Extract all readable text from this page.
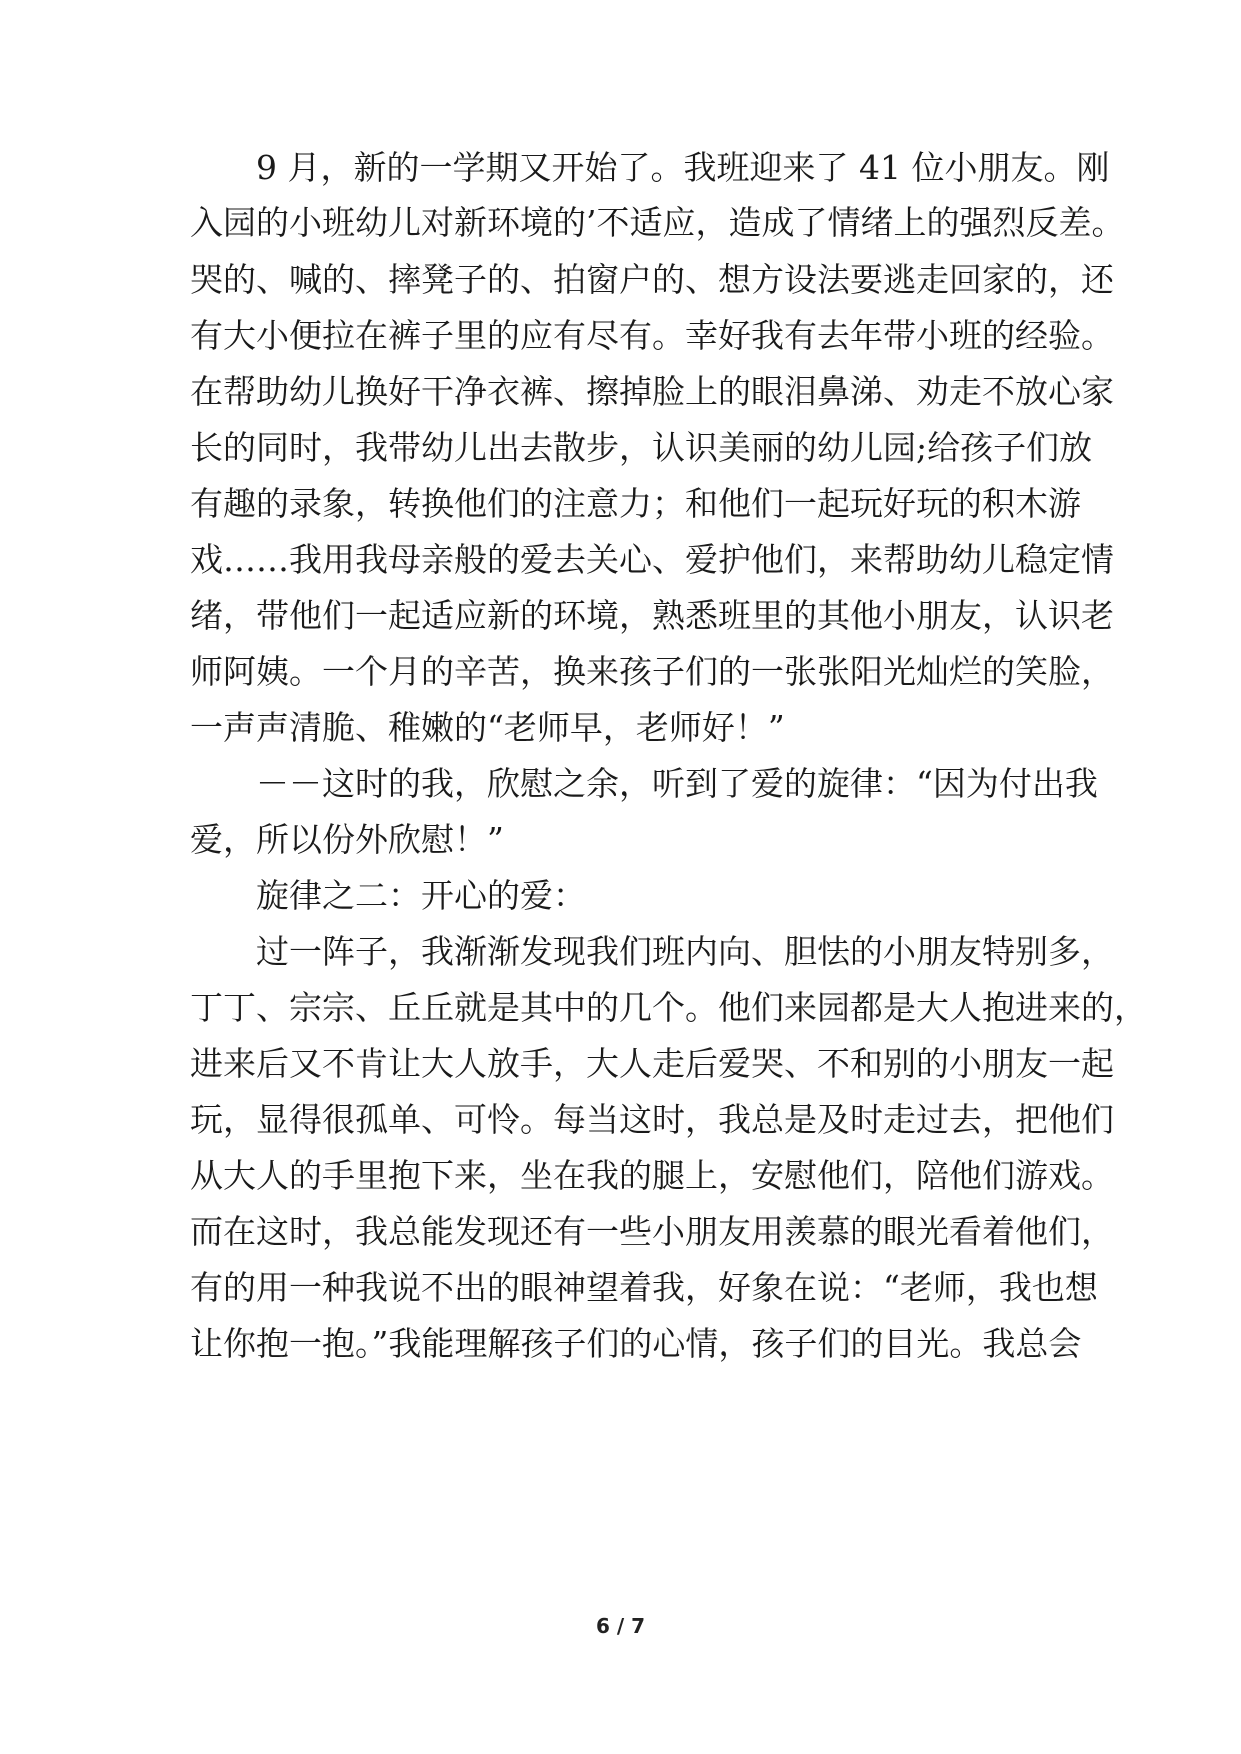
9 月，新的一学期又开始了。我班迎来了 41 位小朋友。刚
入园的小班幼儿对新环境的’不适应，造成了情绪上的强烈反差。
哭的、喊的、摔凳子的、拍窗户的、想方设法要逃走回家的，还
有大小便拉在裤子里的应有尽有。幸好我有去年带小班的经验。
在帮助幼儿换好干净衣裤、擦掉脸上的眼泪鼻涕、劝走不放心家
长的同时，我带幼儿出去散步，认识美丽的幼儿园;给孩子们放
有趣的录象，转换他们的注意力；和他们一起玩好玩的积木游
戏……我用我母亲般的爱去关心、爱护他们，来帮助幼儿稳定情
绪，带他们一起适应新的环境，熟悉班里的其他小朋友，认识老
师阿姨。一个月的辛苦，换来孩子们的一张张阳光灿烂的笑脸，
一声声清脆、稚嫩的“老师早，老师好！”
－－这时的我，欣慰之余，听到了爱的旋律：“因为付出我
爱，所以份外欣慰！”
旋律之二：开心的爱：
过一阵子，我渐渐发现我们班内向、胆怯的小朋友特别多，
丁丁、宗宗、丘丘就是其中的几个。他们来园都是大人抱进来的，
进来后又不肯让大人放手，大人走后爱哭、不和别的小朋友一起
玩，显得很孤单、可怜。每当这时，我总是及时走过去，把他们
从大人的手里抱下来，坐在我的腿上，安慰他们，陪他们游戏。
而在这时，我总能发现还有一些小朋友用羡慕的眼光看着他们，
有的用一种我说不出的眼神望着我，好象在说：“老师，我也想
让你抱一抱。”我能理解孩子们的心情，孩子们的目光。我总会
6 / 7
